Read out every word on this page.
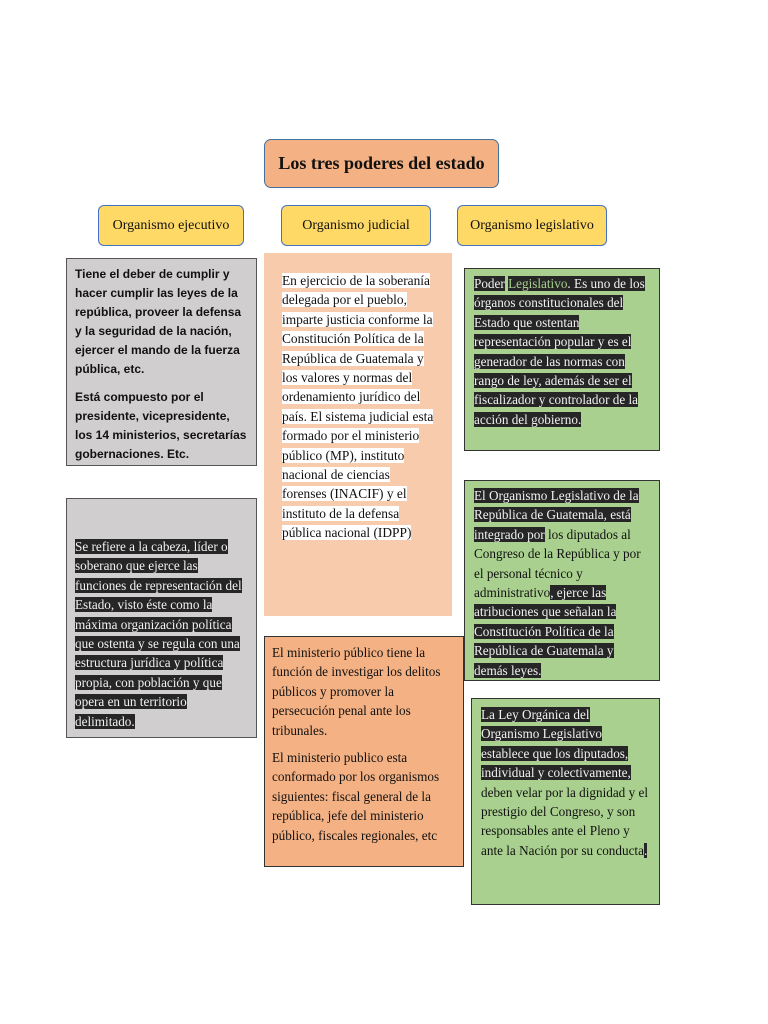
Los tres poderes del estado
Organismo ejecutivo	Organismo judicial	Organismo legislativo

Tiene el deber de cumplir y hacer cumplir las leyes de la república, proveer la defensa y la seguridad de la nación, ejercer el mando de la fuerza pública, etc.

Está compuesto por el presidente, vicepresidente, los 14 ministerios, secretarías gobernaciones. Etc.

Se refiere a la cabeza, líder o soberano que ejerce las funciones de representación del Estado, visto éste como la máxima organización política que ostenta y se regula con una estructura jurídica y política propia, con población y que opera en un territorio delimitado.

En ejercicio de la soberanía delegada por el pueblo, imparte justicia conforme la Constitución Política de la República de Guatemala y los valores y normas del ordenamiento jurídico del país. El sistema judicial esta formado por el ministerio público (MP), instituto nacional de ciencias forenses (INACIF) y el instituto de la defensa pública nacional (IDPP)

El ministerio público tiene la función de investigar los delitos públicos y promover la persecución penal ante los tribunales.

El ministerio publico esta conformado por los organismos siguientes: fiscal general de la república, jefe del ministerio público, fiscales regionales, etc

Poder Legislativo. Es uno de los órganos constitucionales del Estado que ostentan representación popular y es el generador de las normas con rango de ley, además de ser el fiscalizador y controlador de la acción del gobierno.

El Organismo Legislativo de la República de Guatemala, está integrado por los diputados al Congreso de la República y por el personal técnico y administrativo, ejerce las atribuciones que señalan la Constitución Política de la República de Guatemala y demás leyes.

La Ley Orgánica del Organismo Legislativo establece que los diputados, individual y colectivamente, deben velar por la dignidad y el prestigio del Congreso, y son responsables ante el Pleno y ante la Nación por su conducta.
